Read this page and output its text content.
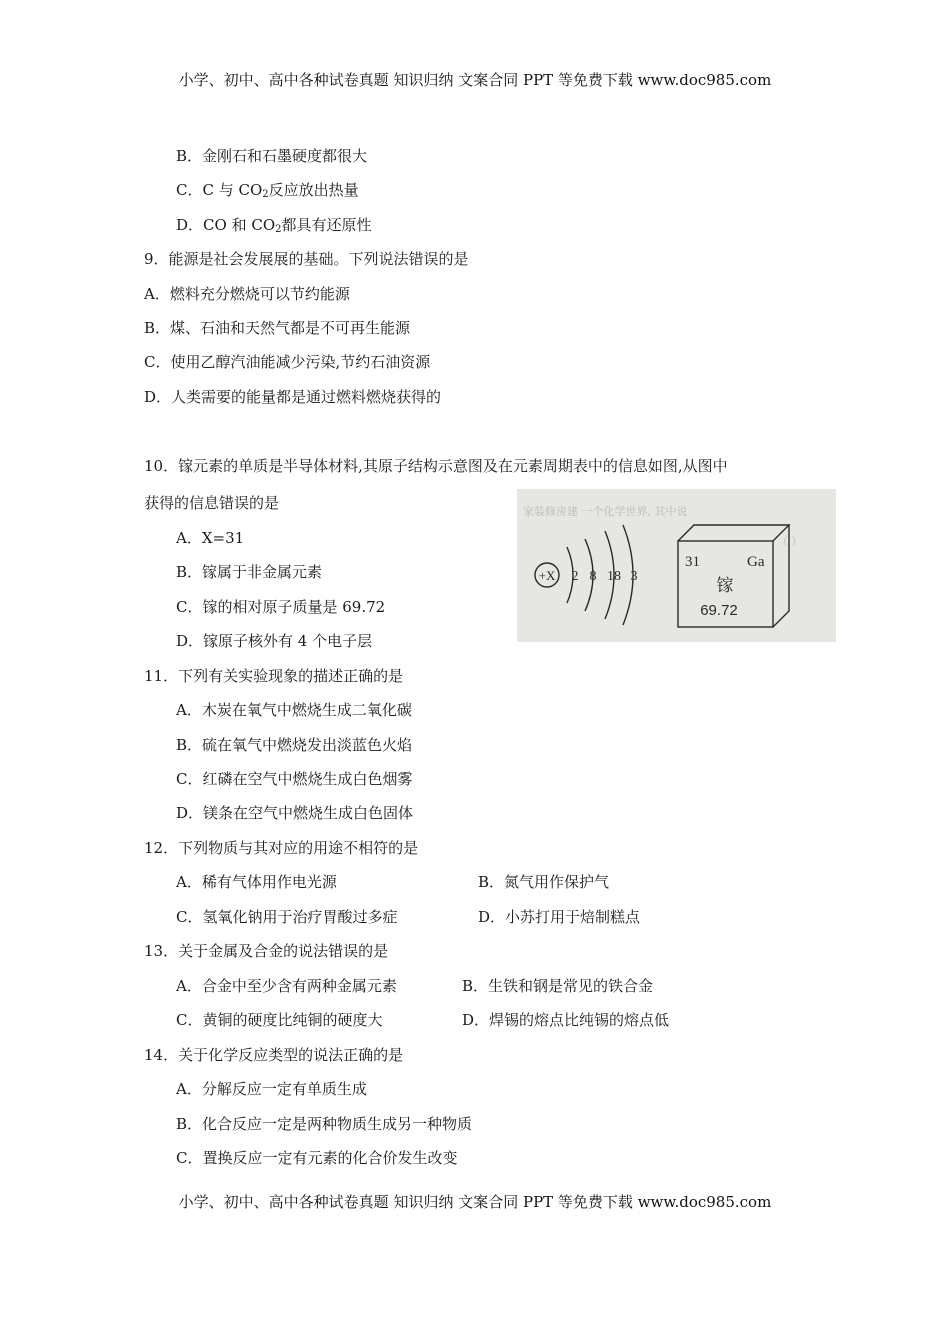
小学、初中、高中各种试卷真题 知识归纳 文案合同 PPT 等免费下载 www.doc985.com
B．金刚石和石墨硬度都很大
C．C 与 $CO_2$反应放出热量
D．CO 和 $CO_2$都具有还原性
9．能源是社会发展展的基础。下列说法错误的是
A．燃料充分燃烧可以节约能源
B．煤、石油和天然气都是不可再生能源
C．使用乙醇汽油能减少污染,节约石油资源
D．人类需要的能量都是通过燃料燃烧获得的
10．镓元素的单质是半导体材料,其原子结构示意图及在元素周期表中的信息如图,从图中
获得的信息错误的是
A．X=31
B．镓属于非金属元素
C．镓的相对原子质量是 69.72
D．镓原子核外有 4 个电子层
家装修房建 一个化学世界, 其中说
（ ）
+X 2 8 18 3
31	Ga
镓
69.72
11．下列有关实验现象的描述正确的是
A．木炭在氧气中燃烧生成二氧化碳
B．硫在氧气中燃烧发出淡蓝色火焰
C．红磷在空气中燃烧生成白色烟雾
D．镁条在空气中燃烧生成白色固体
12．下列物质与其对应的用途不相符的是
A．稀有气体用作电光源	B．氮气用作保护气
C．氢氧化钠用于治疗胃酸过多症	D．小苏打用于焙制糕点
13．关于金属及合金的说法错误的是
A．合金中至少含有两种金属元素	B．生铁和钢是常见的铁合金
C．黄铜的硬度比纯铜的硬度大	D．焊锡的熔点比纯锡的熔点低
14．关于化学反应类型的说法正确的是
A．分解反应一定有单质生成
B．化合反应一定是两种物质生成另一种物质
C．置换反应一定有元素的化合价发生改变
小学、初中、高中各种试卷真题 知识归纳 文案合同 PPT 等免费下载 www.doc985.com
